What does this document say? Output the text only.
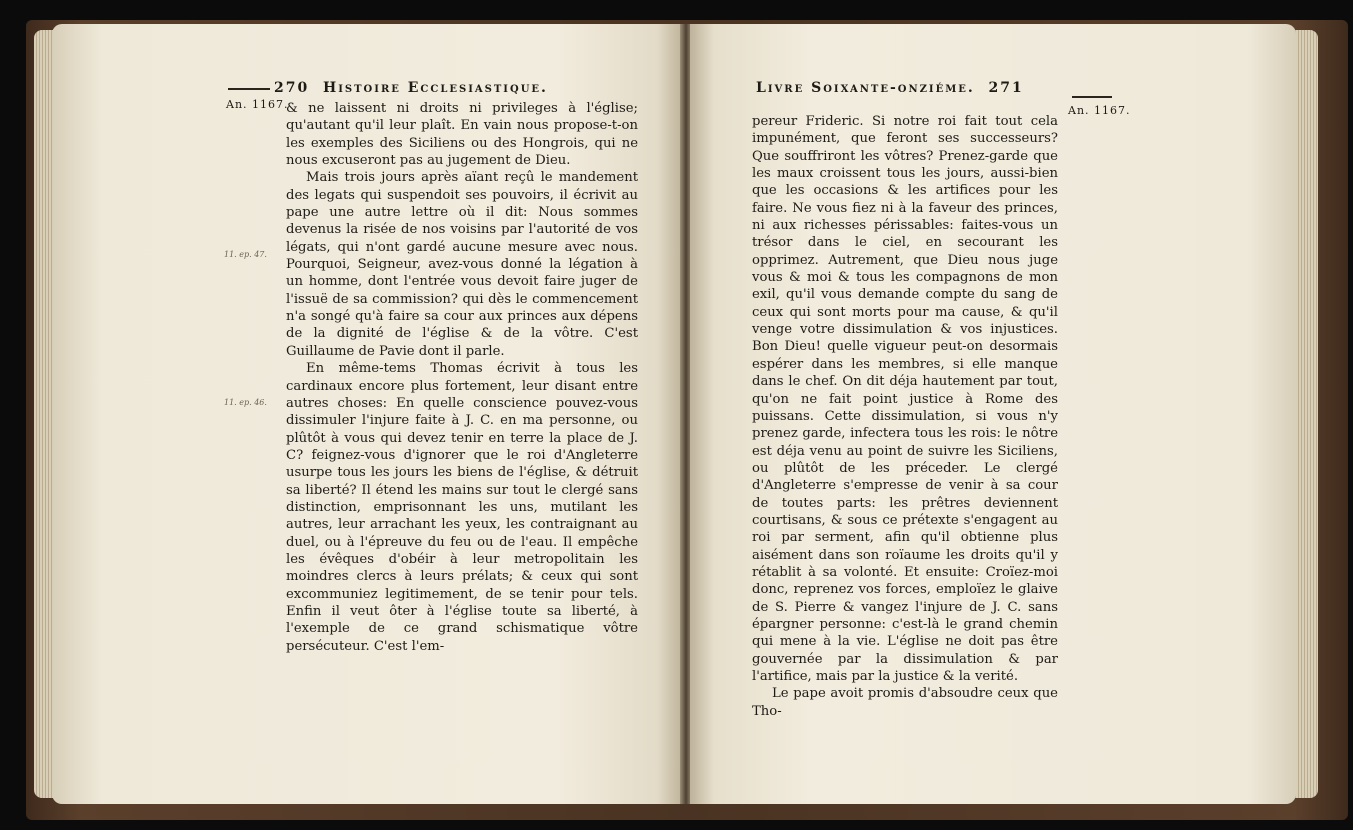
An. 1167.
270 Histoire Ecclesiastique.
11. ep. 47.
11. ep. 46.

& ne laissent ni droits ni privileges à l'église; qu'autant qu'il leur plaît. En vain nous propose-t-on les exemples des Siciliens ou des Hongrois, qui ne nous excuseront pas au jugement de Dieu.

Mais trois jours après aïant reçû le mandement des legats qui suspendoit ses pouvoirs, il écrivit au pape une autre lettre où il dit: Nous sommes devenus la risée de nos voisins par l'autorité de vos légats, qui n'ont gardé aucune mesure avec nous. Pourquoi, Seigneur, avez-vous donné la légation à un homme, dont l'entrée vous devoit faire juger de l'issuë de sa commission? qui dès le commencement n'a songé qu'à faire sa cour aux princes aux dépens de la dignité de l'église & de la vôtre. C'est Guillaume de Pavie dont il parle.

En même-tems Thomas écrivit à tous les cardinaux encore plus fortement, leur disant entre autres choses: En quelle conscience pouvez-vous dissimuler l'injure faite à J. C. en ma personne, ou plûtôt à vous qui devez tenir en terre la place de J. C? feignez-vous d'ignorer que le roi d'Angleterre usurpe tous les jours les biens de l'église, & détruit sa liberté? Il étend les mains sur tout le clergé sans distinction, emprisonnant les uns, mutilant les autres, leur arrachant les yeux, les contraignant au duel, ou à l'épreuve du feu ou de l'eau. Il empêche les évêques d'obéir à leur metropolitain les moindres clercs à leurs prélats; & ceux qui sont excommuniez legitimement, de se tenir pour tels. Enfin il veut ôter à l'église toute sa liberté, à l'exemple de ce grand schismatique vôtre persécuteur. C'est l'em-

Livre Soixante-onziéme. 271
An. 1167.

pereur Frideric. Si notre roi fait tout cela impunément, que feront ses successeurs? Que souffriront les vôtres? Prenez-garde que les maux croissent tous les jours, aussi-bien que les occasions & les artifices pour les faire. Ne vous fiez ni à la faveur des princes, ni aux richesses périssables: faites-vous un trésor dans le ciel, en secourant les opprimez. Autrement, que Dieu nous juge vous & moi & tous les compagnons de mon exil, qu'il vous demande compte du sang de ceux qui sont morts pour ma cause, & qu'il venge votre dissimulation & vos injustices. Bon Dieu! quelle vigueur peut-on desormais espérer dans les membres, si elle manque dans le chef. On dit déja hautement par tout, qu'on ne fait point justice à Rome des puissans. Cette dissimulation, si vous n'y prenez garde, infectera tous les rois: le nôtre est déja venu au point de suivre les Siciliens, ou plûtôt de les préceder. Le clergé d'Angleterre s'empresse de venir à sa cour de toutes parts: les prêtres deviennent courtisans, & sous ce prétexte s'engagent au roi par serment, afin qu'il obtienne plus aisément dans son roïaume les droits qu'il y rétablit à sa volonté. Et ensuite: Croïez-moi donc, reprenez vos forces, emploïez le glaive de S. Pierre & vangez l'injure de J. C. sans épargner personne: c'est-là le grand chemin qui mene à la vie. L'église ne doit pas être gouvernée par la dissimulation & par l'artifice, mais par la justice & la verité.

Le pape avoit promis d'absoudre ceux que Tho-
